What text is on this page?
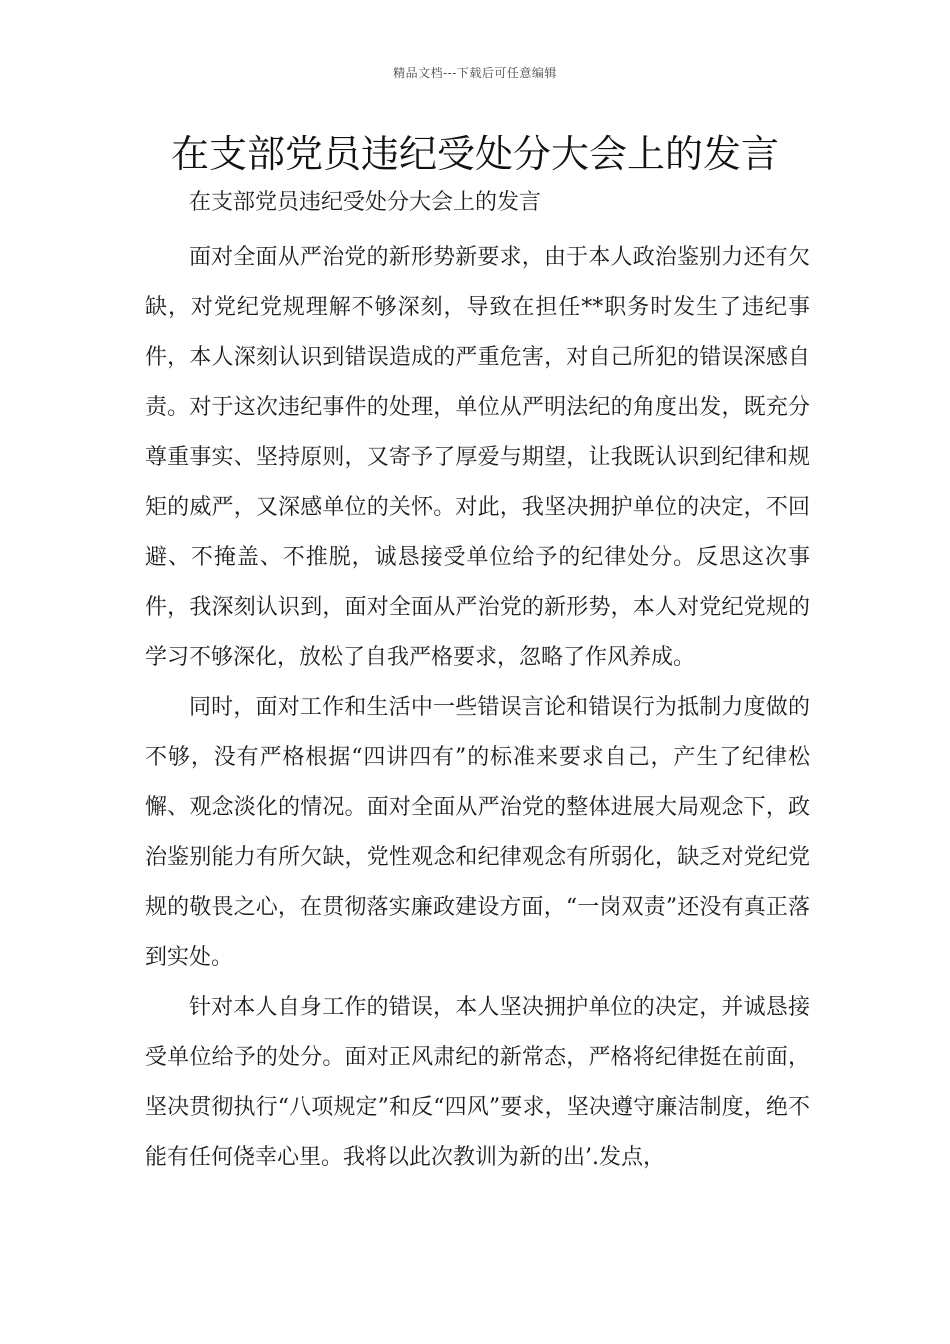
精品文档---下载后可任意编辑
在支部党员违纪受处分大会上的发言

在支部党员违纪受处分大会上的发言

面对全面从严治党的新形势新要求，由于本人政治鉴别力还有欠缺，对党纪党规理解不够深刻，导致在担任**职务时发生了违纪事件，本人深刻认识到错误造成的严重危害，对自己所犯的错误深感自责。对于这次违纪事件的处理，单位从严明法纪的角度出发，既充分尊重事实、坚持原则，又寄予了厚爱与期望，让我既认识到纪律和规矩的威严，又深感单位的关怀。对此，我坚决拥护单位的决定，不回避、不掩盖、不推脱，诚恳接受单位给予的纪律处分。反思这次事件，我深刻认识到，面对全面从严治党的新形势，本人对党纪党规的学习不够深化，放松了自我严格要求，忽略了作风养成。

同时，面对工作和生活中一些错误言论和错误行为抵制力度做的不够，没有严格根据“四讲四有”的标准来要求自己，产生了纪律松懈、观念淡化的情况。面对全面从严治党的整体进展大局观念下，政治鉴别能力有所欠缺，党性观念和纪律观念有所弱化，缺乏对党纪党规的敬畏之心，在贯彻落实廉政建设方面，“一岗双责”还没有真正落到实处。

针对本人自身工作的错误，本人坚决拥护单位的决定，并诚恳接受单位给予的处分。面对正风肃纪的新常态，严格将纪律挺在前面，坚决贯彻执行“八项规定”和反“四风”要求，坚决遵守廉洁制度，绝不能有任何侥幸心里。我将以此次教训为新的出’.发点，
